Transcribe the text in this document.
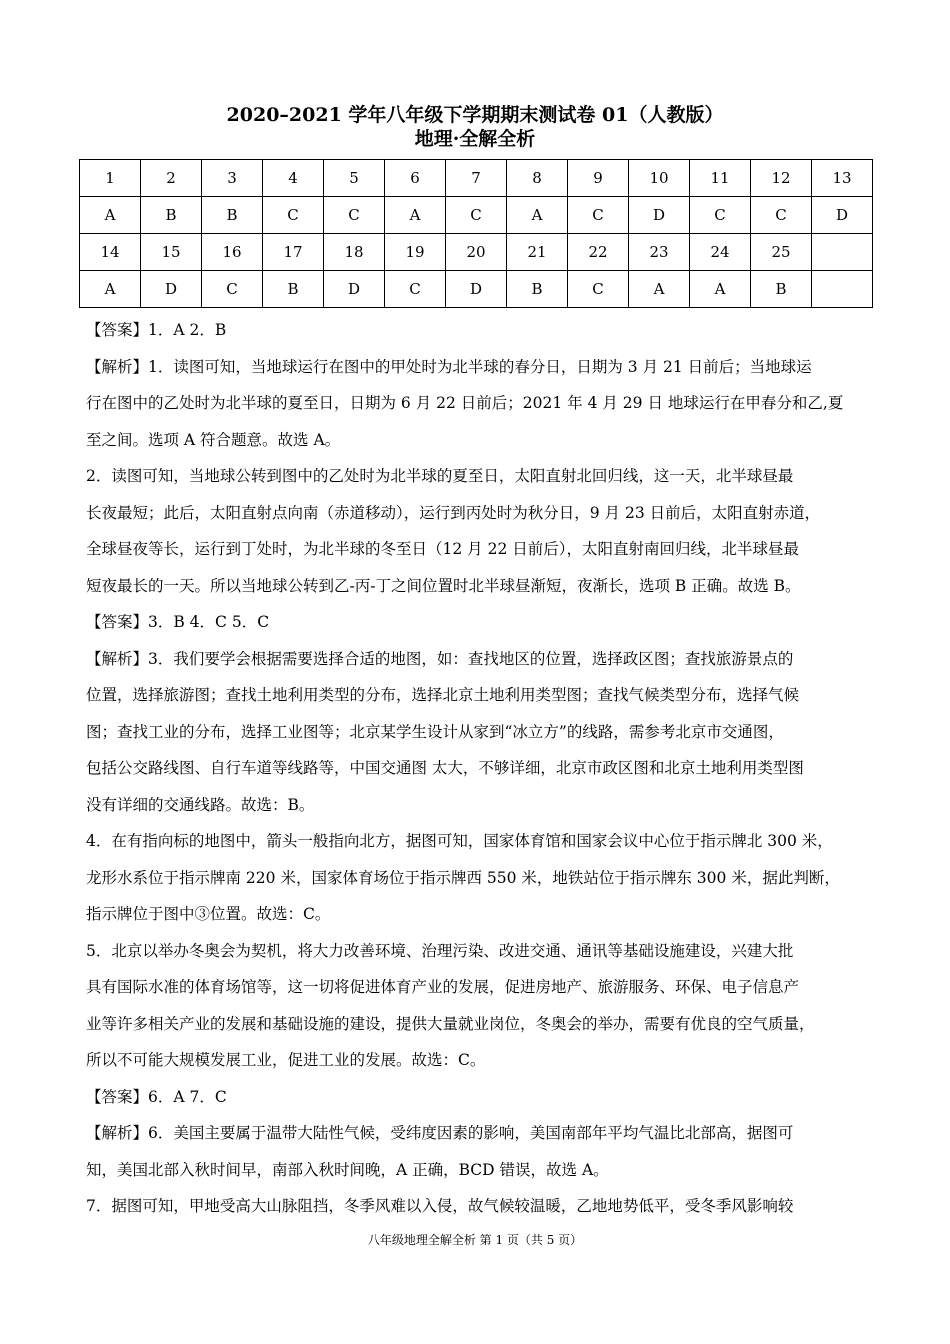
2020–2021 学年八年级下学期期末测试卷 01（人教版）
地理·全解全析
1	2	3	4	5	6	7	8	9	10	11	12	13
A	B	B	C	C	A	C	A	C	D	C	C	D
14	15	16	17	18	19	20	21	22	23	24	25	
A	D	C	B	D	C	D	B	C	A	A	B	
【答案】1．A 2．B
【解析】1．读图可知，当地球运行在图中的甲处时为北半球的春分日，日期为 3 月 21 日前后；当地球运
行在图中的乙处时为北半球的夏至日，日期为 6 月 22 日前后；2021 年 4 月 29 日 地球运行在甲春分和乙,夏
至之间。选项 A 符合题意。故选 A。
2．读图可知，当地球公转到图中的乙处时为北半球的夏至日，太阳直射北回归线，这一天，北半球昼最
长夜最短；此后，太阳直射点向南（赤道移动），运行到丙处时为秋分日，9 月 23 日前后，太阳直射赤道，
全球昼夜等长，运行到丁处时，为北半球的冬至日（12 月 22 日前后），太阳直射南回归线，北半球昼最
短夜最长的一天。所以当地球公转到乙-丙-丁之间位置时北半球昼渐短，夜渐长，选项 B 正确。故选 B。
【答案】3．B 4．C 5．C
【解析】3．我们要学会根据需要选择合适的地图，如：查找地区的位置，选择政区图；查找旅游景点的
位置，选择旅游图；查找土地利用类型的分布，选择北京土地利用类型图；查找气候类型分布，选择气候
图；查找工业的分布，选择工业图等；北京某学生设计从家到“冰立方”的线路，需参考北京市交通图，
包括公交路线图、自行车道等线路等，中国交通图 太大，不够详细，北京市政区图和北京土地利用类型图
没有详细的交通线路。故选：B。
4．在有指向标的地图中，箭头一般指向北方，据图可知，国家体育馆和国家会议中心位于指示牌北 300 米，
龙形水系位于指示牌南 220 米，国家体育场位于指示牌西 550 米，地铁站位于指示牌东 300 米，据此判断，
指示牌位于图中③位置。故选：C。
5．北京以举办冬奥会为契机，将大力改善环境、治理污染、改进交通、通讯等基础设施建设，兴建大批
具有国际水准的体育场馆等，这一切将促进体育产业的发展，促进房地产、旅游服务、环保、电子信息产
业等许多相关产业的发展和基础设施的建设，提供大量就业岗位，冬奥会的举办，需要有优良的空气质量，
所以不可能大规模发展工业，促进工业的发展。故选：C。
【答案】6．A 7．C
【解析】6．美国主要属于温带大陆性气候，受纬度因素的影响，美国南部年平均气温比北部高，据图可
知，美国北部入秋时间早，南部入秋时间晚，A 正确，BCD 错误，故选 A。
7．据图可知，甲地受高大山脉阻挡，冬季风难以入侵，故气候较温暖，乙地地势低平，受冬季风影响较
八年级地理全解全析 第 1 页（共 5 页）
